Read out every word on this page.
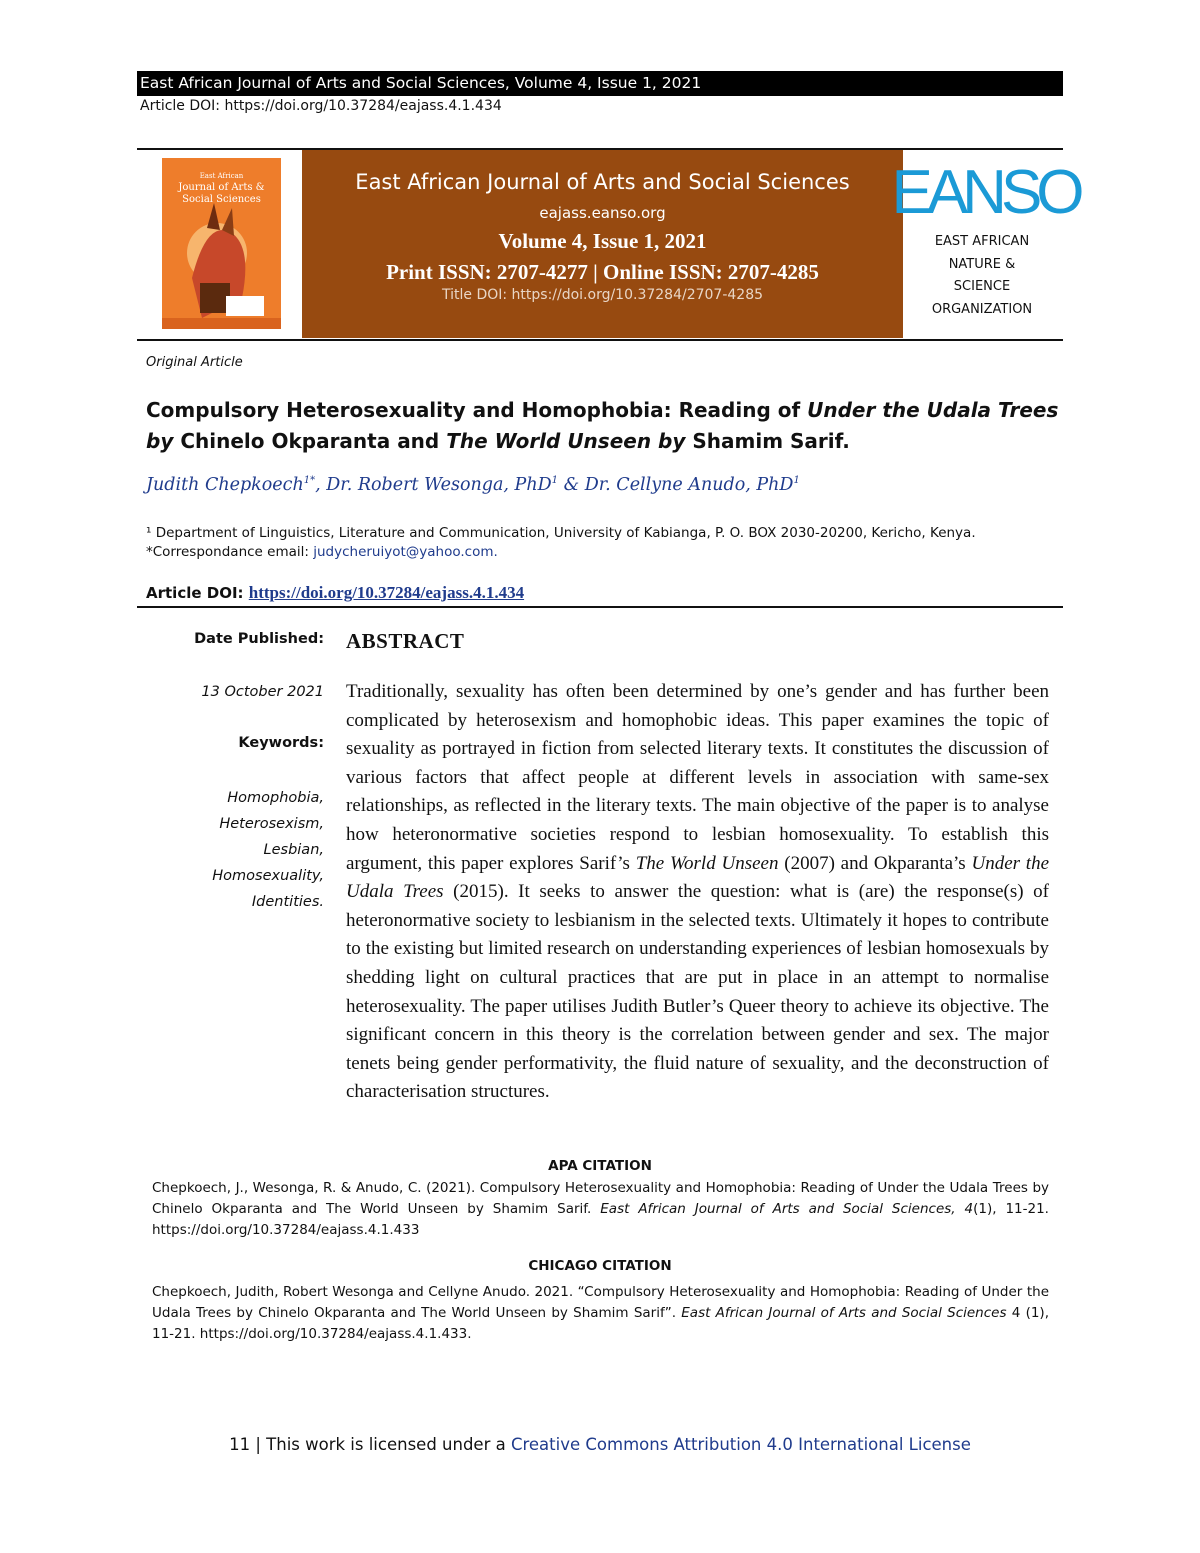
East African Journal of Arts and Social Sciences, Volume 4, Issue 1, 2021
Article DOI: https://doi.org/10.37284/eajass.4.1.434
East African
Journal of Arts &
Social Sciences
East African Journal of Arts and Social Sciences
eajass.eanso.org
Volume 4, Issue 1, 2021
Print ISSN: 2707-4277 | Online ISSN: 2707-4285
Title DOI: https://doi.org/10.37284/2707-4285
EANSO
EAST AFRICAN
NATURE &
SCIENCE
ORGANIZATION
Original Article
Compulsory Heterosexuality and Homophobia: Reading of Under the Udala Trees by Chinelo Okparanta and The World Unseen by Shamim Sarif.
Judith Chepkoech$^{1*}$, Dr. Robert Wesonga, PhD$^1$ & Dr. Cellyne Anudo, PhD$^1$
¹ Department of Linguistics, Literature and Communication, University of Kabianga, P. O. BOX 2030-20200, Kericho, Kenya.
*Correspondance email: judycheruiyot@yahoo.com.
Article DOI: https://doi.org/10.37284/eajass.4.1.434
Date Published:
13 October 2021
Keywords:
Homophobia,
Heterosexism,
Lesbian,
Homosexuality,
Identities.
ABSTRACT
Traditionally, sexuality has often been determined by one’s gender and has further been complicated by heterosexism and homophobic ideas. This paper examines the topic of sexuality as portrayed in fiction from selected literary texts. It constitutes the discussion of various factors that affect people at different levels in association with same-sex relationships, as reflected in the literary texts. The main objective of the paper is to analyse how heteronormative societies respond to lesbian homosexuality. To establish this argument, this paper explores Sarif’s The World Unseen (2007) and Okparanta’s Under the Udala Trees (2015). It seeks to answer the question: what is (are) the response(s) of heteronormative society to lesbianism in the selected texts. Ultimately it hopes to contribute to the existing but limited research on understanding experiences of lesbian homosexuals by shedding light on cultural practices that are put in place in an attempt to normalise heterosexuality. The paper utilises Judith Butler’s Queer theory to achieve its objective. The significant concern in this theory is the correlation between gender and sex. The major tenets being gender performativity, the fluid nature of sexuality, and the deconstruction of characterisation structures.
APA CITATION
Chepkoech, J., Wesonga, R. & Anudo, C. (2021). Compulsory Heterosexuality and Homophobia: Reading of Under the Udala Trees by Chinelo Okparanta and The World Unseen by Shamim Sarif. East African Journal of Arts and Social Sciences, 4(1), 11-21. https://doi.org/10.37284/eajass.4.1.433
CHICAGO CITATION
Chepkoech, Judith, Robert Wesonga and Cellyne Anudo. 2021. “Compulsory Heterosexuality and Homophobia: Reading of Under the Udala Trees by Chinelo Okparanta and The World Unseen by Shamim Sarif”. East African Journal of Arts and Social Sciences 4 (1), 11-21. https://doi.org/10.37284/eajass.4.1.433.
11 | This work is licensed under a Creative Commons Attribution 4.0 International License
